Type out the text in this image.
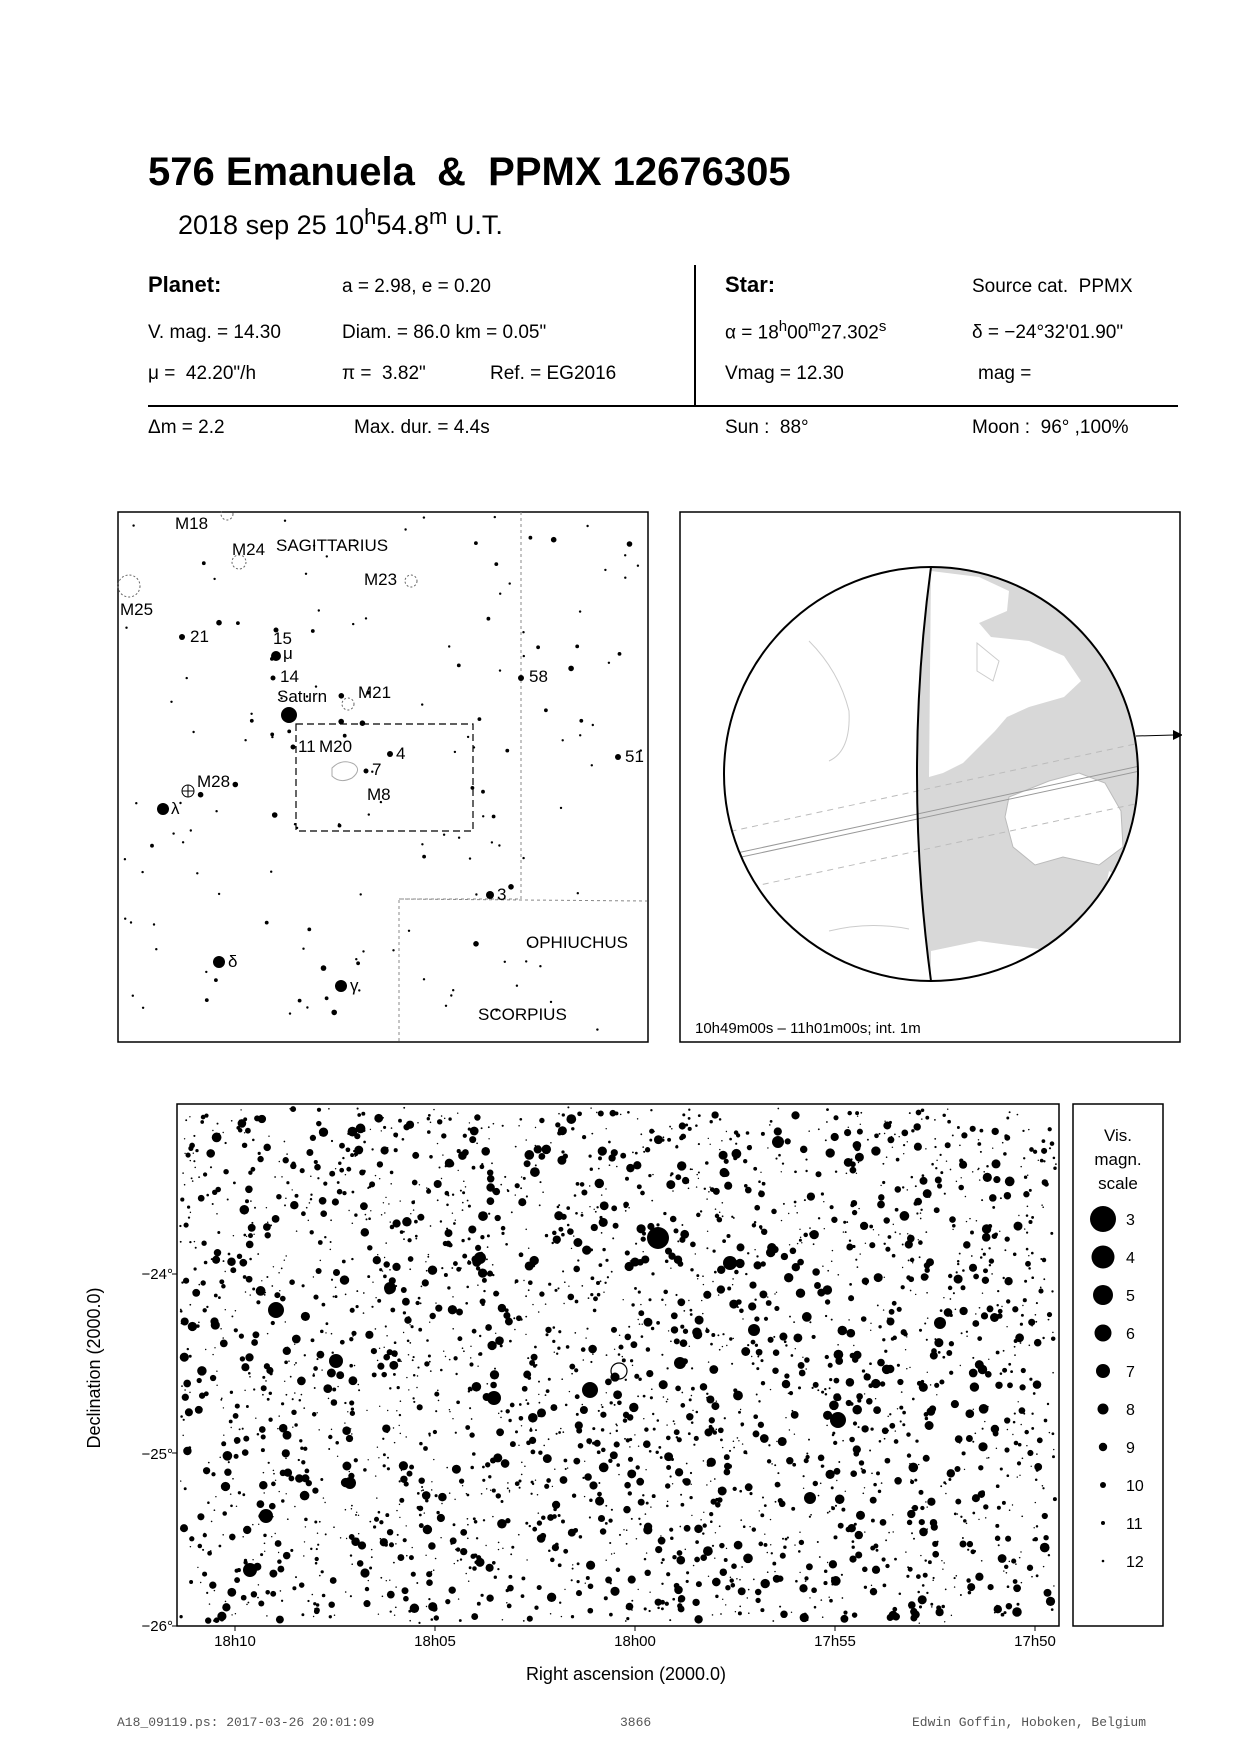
576 Emanuela  &  PPMX 12676305
2018 sep 25 10$^h$54.8$^m$ U.T.
Planet:	a = 2.98, e = 0.20
V. mag. = 14.30	Diam. = 86.0 km = 0.05"
μ =  42.20"/h	π =  3.82"	Ref. = EG2016
Star:	Source cat.  PPMX
$\alpha = 18^h00^m27.302^s$	δ = −24°32'01.90"
Vmag = 12.30	mag =
Δm = 2.2	Max. dur. = 4.4s	Sun :  88°	Moon :  96° ,100%
M18
M24 SAGITTARIUS
M23
M25
21	15
μ
14	58
M21
Saturn
11 M20	4
7
51
M28
M8
λ
3
OPHIUCHUS
δ
γ
SCORPIUS
10h49m00s – 11h01m00s; int. 1m
−24°
−25°
−26°
18h10	18h05	18h00	17h55	17h50
Right ascension (2000.0)
Declination (2000.0)
Vis.
magn.
scale
3
4
5
6
7
8
9
10
11
12
A18_09119.ps: 2017-03-26 20:01:09	3866	Edwin Goffin, Hoboken, Belgium
